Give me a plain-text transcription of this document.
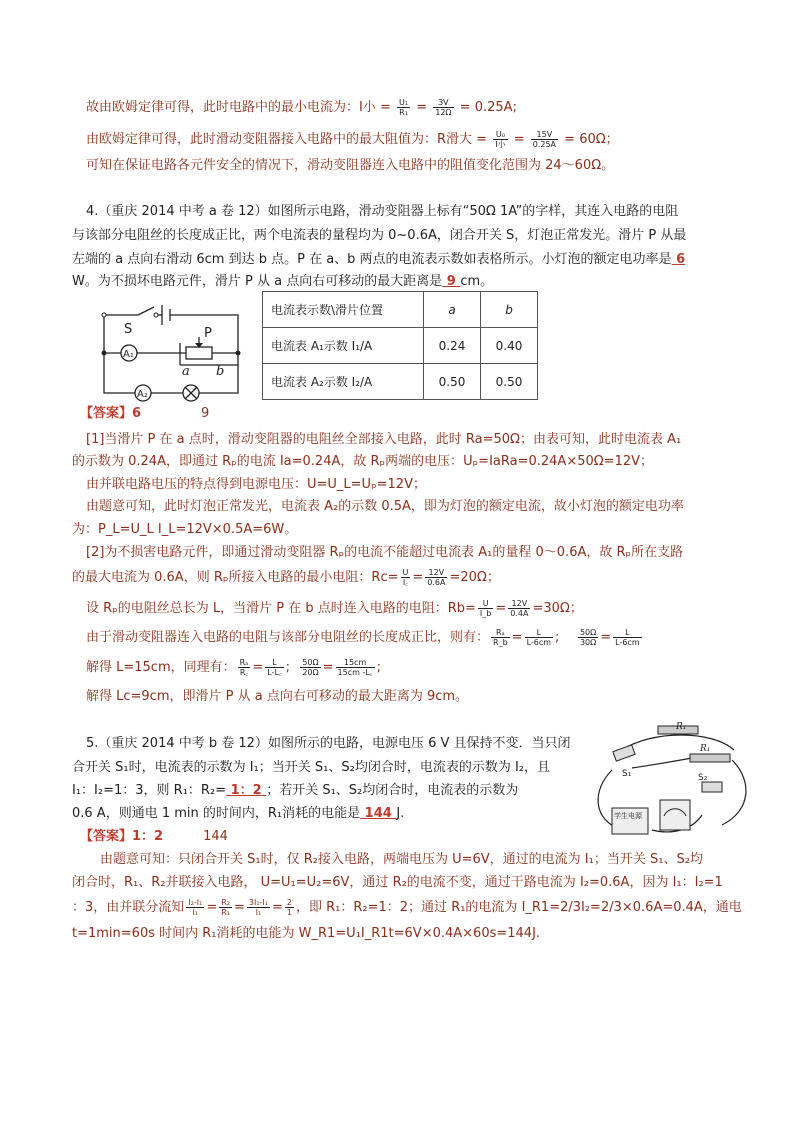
故由欧姆定律可得，此时电路中的最小电流为：I小 = $\frac{\text{U₁}}{\text{R₁}} = \frac{3V}{12\Omega} = 0.25A$;
由欧姆定律可得，此时滑动变阻器接入电路中的最大阻值为：R滑大 = $\frac{\text{U₀}}{\text{I小}} = \frac{15V}{0.25A} = 60\Omega$；
可知在保证电路各元件安全的情况下，滑动变阻器连入电路中的阻值变化范围为 24～60Ω。
4.（重庆 2014 中考 a 卷 12）如图所示电路，滑动变阻器上标有“50Ω 1A”的字样，其连入电路的电阻
与该部分电阻丝的长度成正比，两个电流表的量程均为 0~0.6A，闭合开关 S，灯泡正常发光。滑片 P 从最
左端的 a 点向右滑动 6cm 到达 b 点。P 在 a、b 两点的电流表示数如表格所示。小灯泡的额定电功率是 6
W。为不损坏电路元件，滑片 P 从 a 点向右可移动的最大距离是 9 cm。
S	P
A₁
A₂
a b
电流表示数\滑片位置	a	b
电流表 A₁示数 I₁/A	0.24	0.40
电流表 A₂示数 I₂/A	0.50	0.50
【答案】6	9
[1]当滑片 P 在 a 点时，滑动变阻器的电阻丝全部接入电路，此时 Ra=50Ω；由表可知，此时电流表 A₁
的示数为 0.24A，即通过 Rₚ的电流 Ia=0.24A，故 Rₚ两端的电压：Uₚ=IaRa=0.24A×50Ω=12V；
由并联电路电压的特点得到电源电压：U=U_L=Uₚ=12V；
由题意可知，此时灯泡正常发光，电流表 A₂的示数 0.5A，即为灯泡的额定电流，故小灯泡的额定电功率
为：P_L=U_L I_L=12V×0.5A=6W。
[2]为不损害电路元件，即通过滑动变阻器 Rₚ的电流不能超过电流表 A₁的量程 0～0.6A，故 Rₚ所在支路
的最大电流为 0.6A，则 Rₚ所接入电路的最小电阻：$Rc= \frac{U}{I꜀} = \frac{12V}{0.6A} =20\Omega$；
设 Rₚ的电阻丝总长为 L，当滑片 P 在 b 点时连入电路的电阻：$Rb= \frac{U}{I\_b} = \frac{12V}{0.4A} =30\Omega$；
由于滑动变阻器连入电路的电阻与该部分电阻丝的长度成正比，则有： $\frac{\text{Rₐ}}{R\_b} = \frac{L}{L-6cm}$ ; $\frac{50\Omega}{30\Omega} = \frac{L}{L-6cm}$
解得 L=15cm，同理有： $\frac{\text{Rₐ}}{R꜀} = \frac{L}{L-L꜀}$ ; $\frac{50\Omega}{20\Omega} = \frac{15cm}{15cm -L꜀}$ ;
解得 Lc=9cm，即滑片 P 从 a 点向右可移动的最大距离为 9cm。
5.（重庆 2014 中考 b 卷 12）如图所示的电路，电源电压 6 V 且保持不变．当只闭
合开关 S₁时，电流表的示数为 I₁；当开关 S₁、S₂均闭合时，电流表的示数为 I₂，且
I₁：I₂=1：3，则 R₁：R₂= 1：2 ；若开关 S₁、S₂均闭合时，电流表的示数为
0.6 A，则通电 1 min 的时间内，R₁消耗的电能是 144 J.
【答案】1：2	144
R₁
R₁
S₁	S₂
学生电源
由题意可知：只闭合开关 S₁时，仅 R₂接入电路，两端电压为 U=6V，通过的电流为 I₁；当开关 S₁、S₂均
闭合时，R₁、R₂并联接入电路， U=U₁=U₂=6V，通过 R₂的电流不变，通过干路电流为 I₂=0.6A，因为 I₁：I₂=1
：3，由并联分流知 $\frac{\text{I₂-I₁}}{\text{I₁}} = \frac{\text{R₂}}{\text{R₁}} = \frac{\text{3I₁-I₁}}{\text{I₁}} = \frac{2}{1}$ ，即 R₁：R₂=1：2；通过 R₁的电流为 I_R1=2/3I₂=2/3×0.6A=0.4A，通电
t=1min=60s 时间内 R₁消耗的电能为 W_R1=U₁I_R1t=6V×0.4A×60s=144J.
